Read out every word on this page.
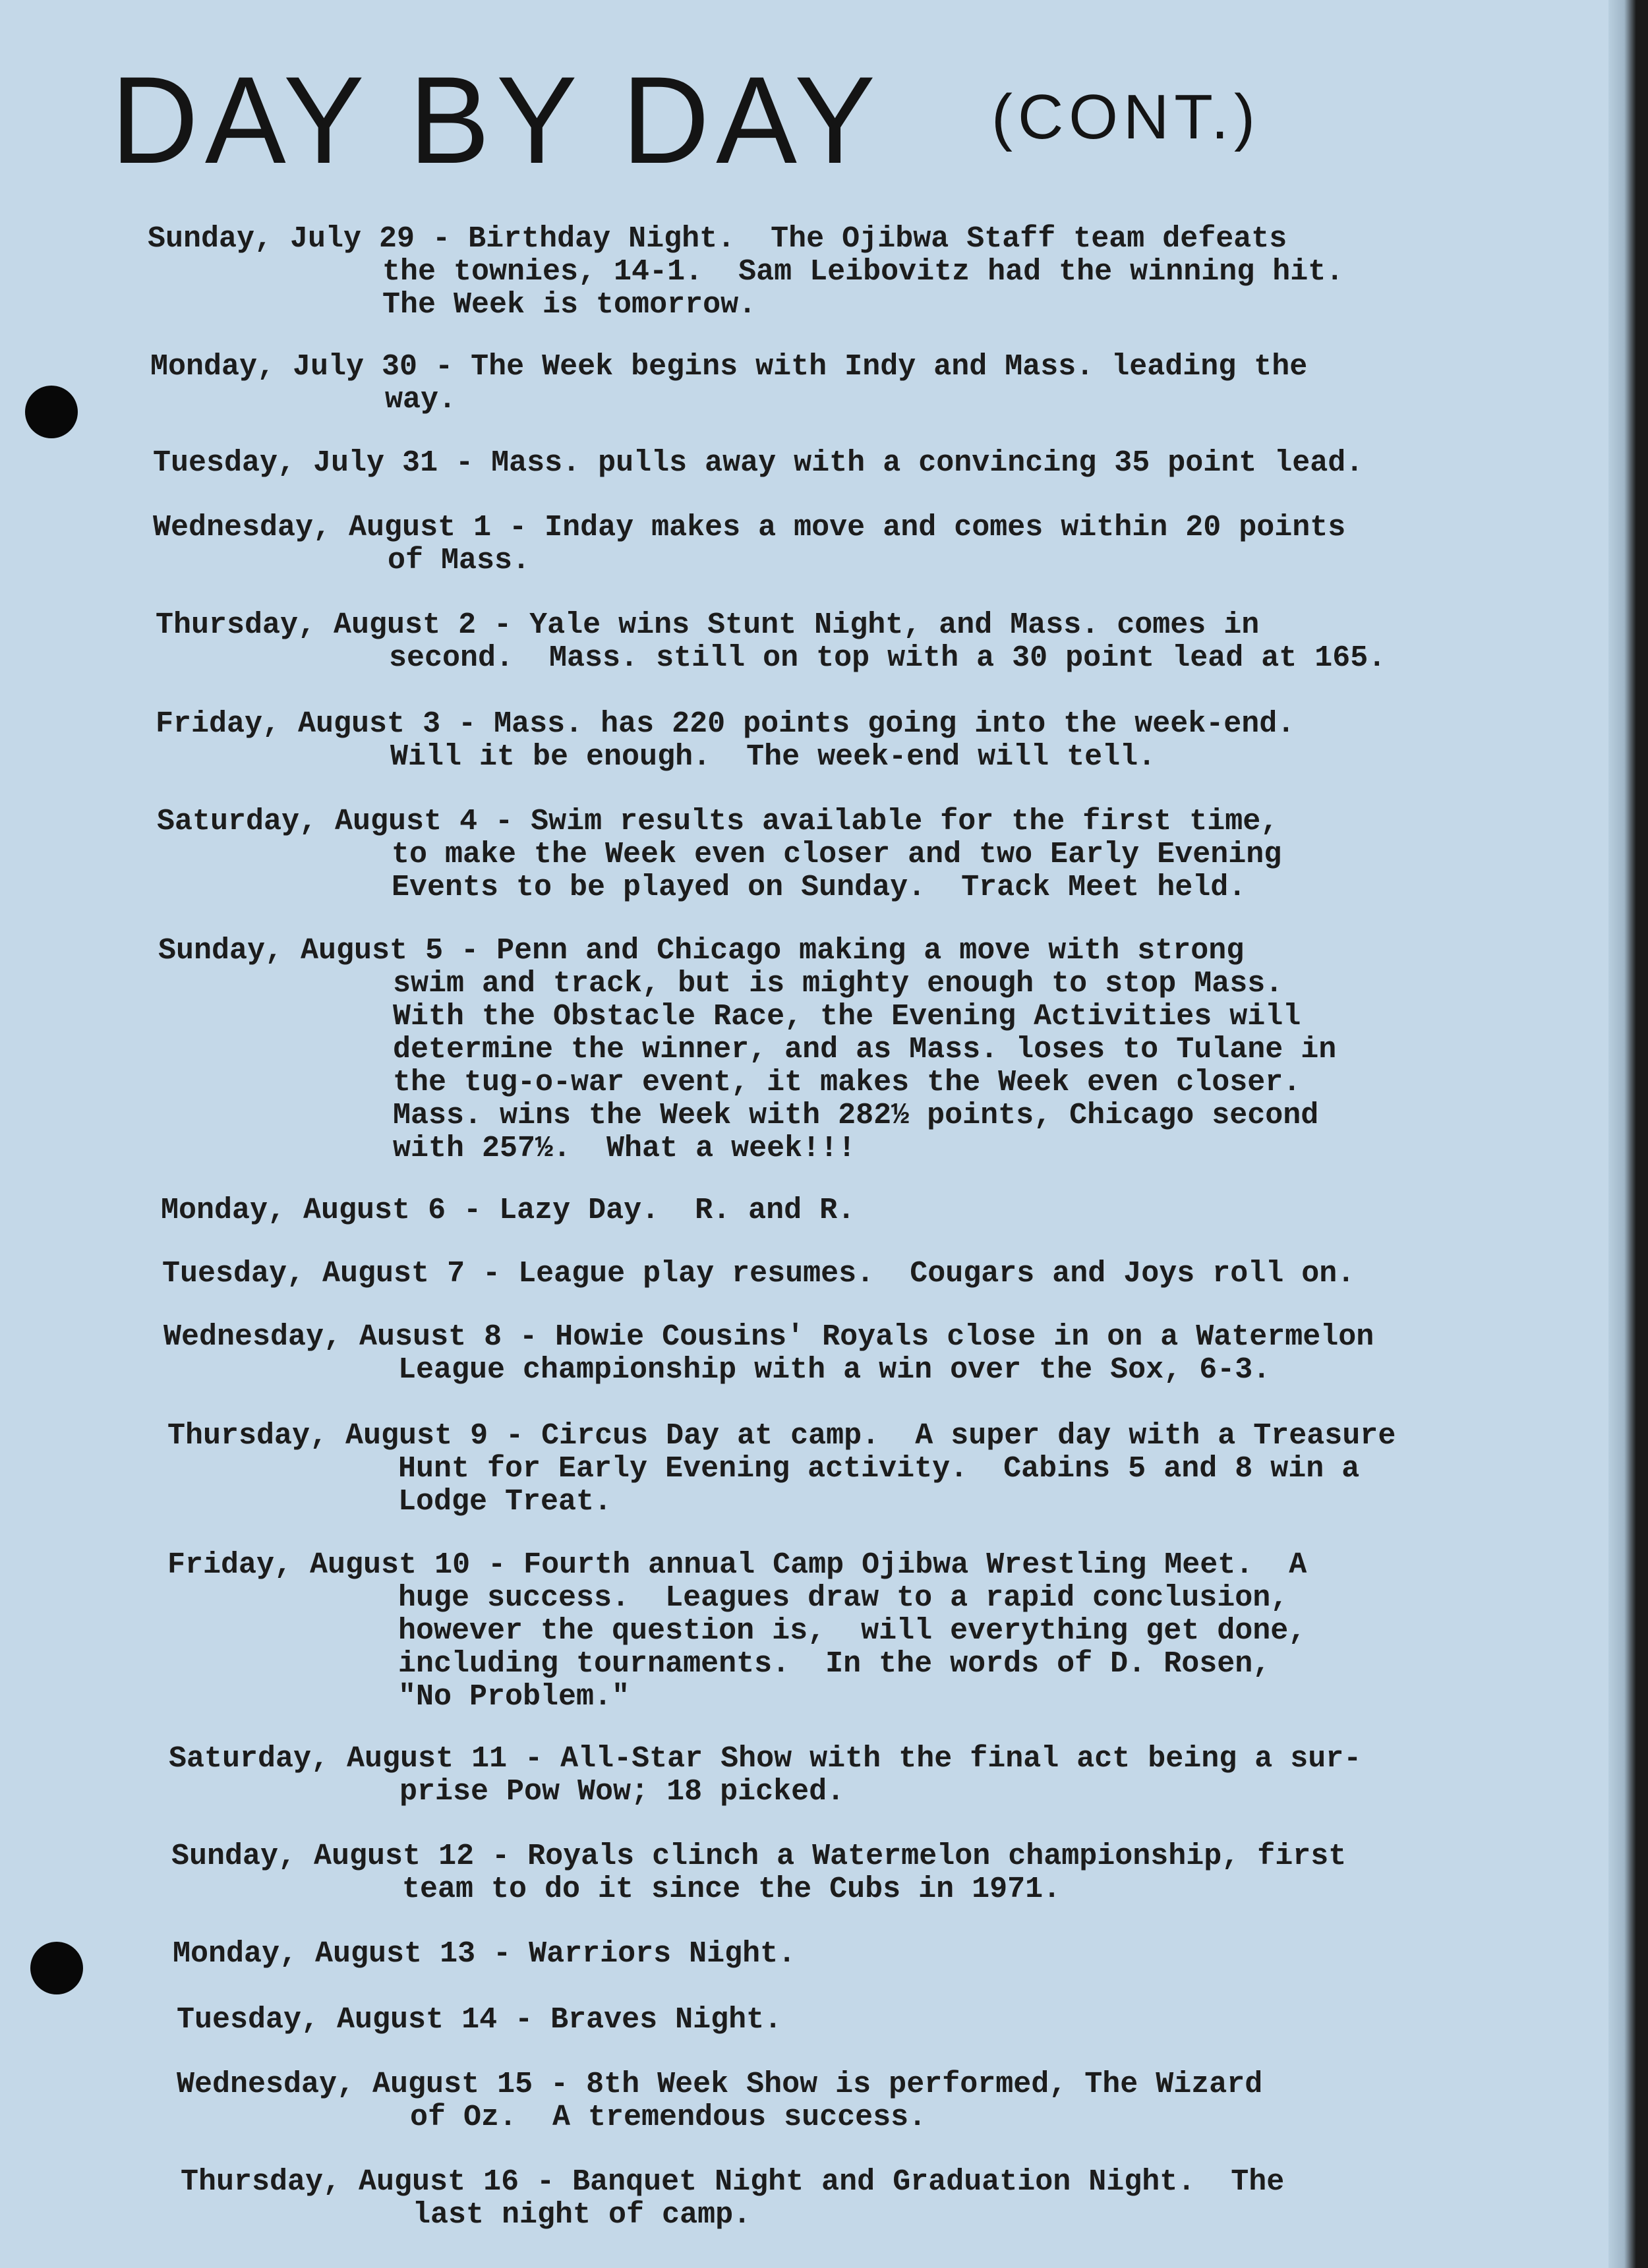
DAY BY DAY (CONT.)
Sunday, July 29 - Birthday Night.  The Ojibwa Staff team defeats
the townies, 14-1.  Sam Leibovitz had the winning hit.
The Week is tomorrow.
Monday, July 30 - The Week begins with Indy and Mass. leading the
way.
Tuesday, July 31 - Mass. pulls away with a convincing 35 point lead.
Wednesday, August 1 - Inday makes a move and comes within 20 points
of Mass.
Thursday, August 2 - Yale wins Stunt Night, and Mass. comes in
second.  Mass. still on top with a 30 point lead at 165.
Friday, August 3 - Mass. has 220 points going into the week-end.
Will it be enough.  The week-end will tell.
Saturday, August 4 - Swim results available for the first time,
to make the Week even closer and two Early Evening
Events to be played on Sunday.  Track Meet held.
Sunday, August 5 - Penn and Chicago making a move with strong
swim and track, but is mighty enough to stop Mass.
With the Obstacle Race, the Evening Activities will
determine the winner, and as Mass. loses to Tulane in
the tug-o-war event, it makes the Week even closer.
Mass. wins the Week with 282½ points, Chicago second
with 257½.  What a week!!!
Monday, August 6 - Lazy Day.  R. and R.
Tuesday, August 7 - League play resumes.  Cougars and Joys roll on.
Wednesday, Ausust 8 - Howie Cousins' Royals close in on a Watermelon
League championship with a win over the Sox, 6-3.
Thursday, August 9 - Circus Day at camp.  A super day with a Treasure
Hunt for Early Evening activity.  Cabins 5 and 8 win a
Lodge Treat.
Friday, August 10 - Fourth annual Camp Ojibwa Wrestling Meet.  A
huge success.  Leagues draw to a rapid conclusion,
however the question is,  will everything get done,
including tournaments.  In the words of D. Rosen,
"No Problem."
Saturday, August 11 - All-Star Show with the final act being a sur-
prise Pow Wow; 18 picked.
Sunday, August 12 - Royals clinch a Watermelon championship, first
team to do it since the Cubs in 1971.
Monday, August 13 - Warriors Night.
Tuesday, August 14 - Braves Night.
Wednesday, August 15 - 8th Week Show is performed, The Wizard
of Oz.  A tremendous success.
Thursday, August 16 - Banquet Night and Graduation Night.  The
last night of camp.
